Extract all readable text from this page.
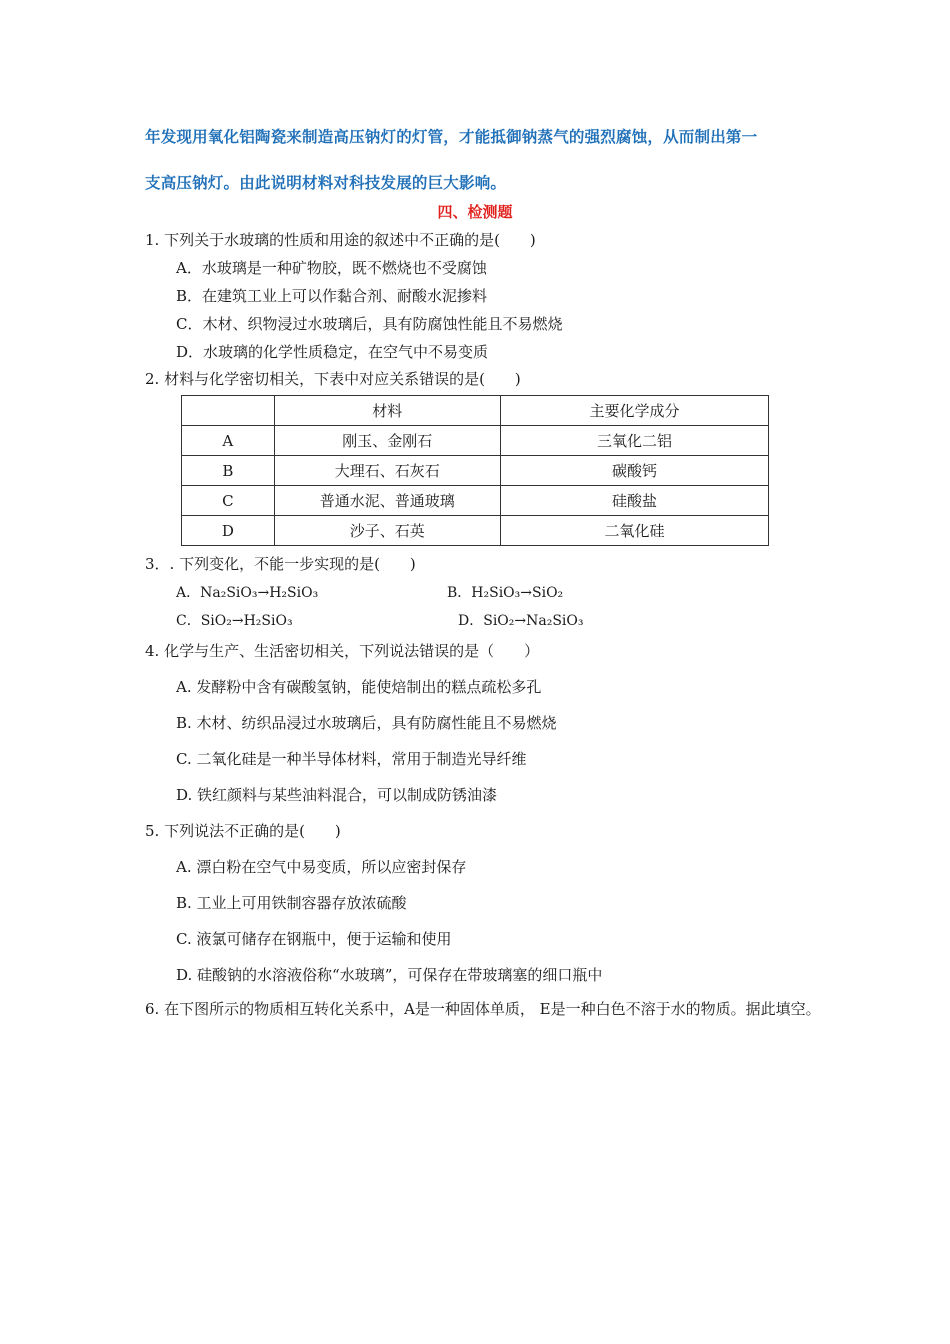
年发现用氧化铝陶瓷来制造高压钠灯的灯管，才能抵御钠蒸气的强烈腐蚀，从而制出第一
支高压钠灯。由此说明材料对科技发展的巨大影响。
四、检测题
1. 下列关于水玻璃的性质和用途的叙述中不正确的是(　　)
A．水玻璃是一种矿物胶，既不燃烧也不受腐蚀
B．在建筑工业上可以作黏合剂、耐酸水泥掺料
C．木材、织物浸过水玻璃后，具有防腐蚀性能且不易燃烧
D．水玻璃的化学性质稳定，在空气中不易变质
2. 材料与化学密切相关，下表中对应关系错误的是(　　)
	材料	主要化学成分
A	刚玉、金刚石	三氧化二铝
B	大理石、石灰石	碳酸钙
C	普通水泥、普通玻璃	硅酸盐
D	沙子、石英	二氧化硅
3．. 下列变化，不能一步实现的是(　　)
A．Na₂SiO₃→H₂SiO₃	B．H₂SiO₃→SiO₂
C．SiO₂→H₂SiO₃	D．SiO₂→Na₂SiO₃
4. 化学与生产、生活密切相关，下列说法错误的是（　　）
A. 发酵粉中含有碳酸氢钠，能使焙制出的糕点疏松多孔
B. 木材、纺织品浸过水玻璃后，具有防腐性能且不易燃烧
C. 二氧化硅是一种半导体材料，常用于制造光导纤维
D. 铁红颜料与某些油料混合，可以制成防锈油漆
5. 下列说法不正确的是(　　)
A. 漂白粉在空气中易变质，所以应密封保存
B. 工业上可用铁制容器存放浓硫酸
C. 液氯可储存在钢瓶中，便于运输和使用
D. 硅酸钠的水溶液俗称“水玻璃”，可保存在带玻璃塞的细口瓶中
6. 在下图所示的物质相互转化关系中，A是一种固体单质， E是一种白色不溶于水的物质。据此填空。
